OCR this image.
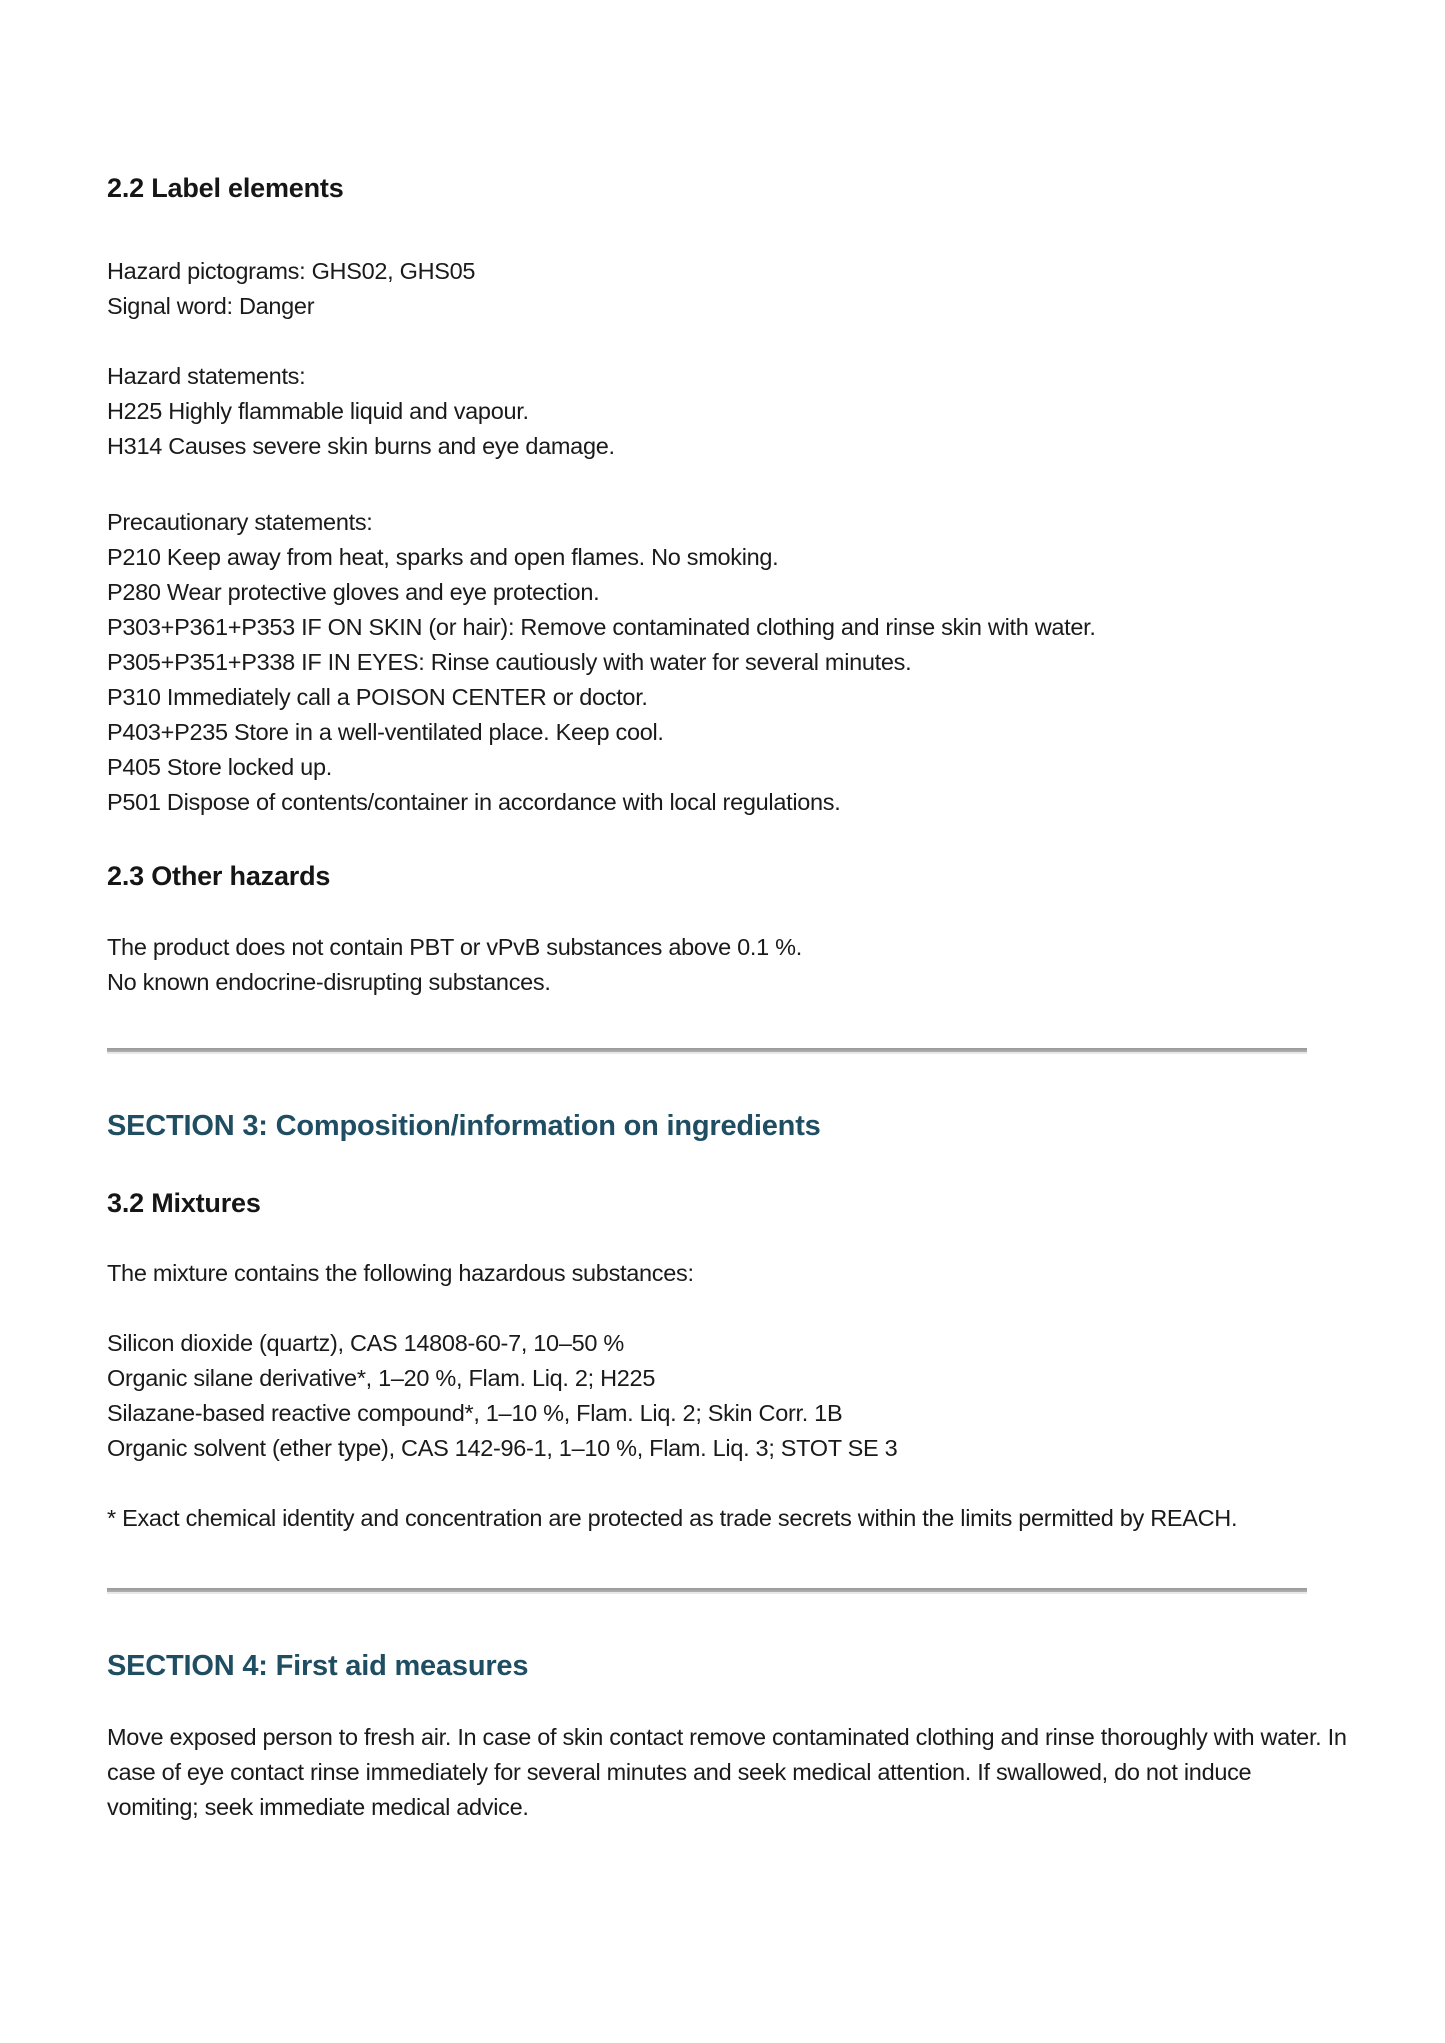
2.2 Label elements

Hazard pictograms: GHS02, GHS05

Signal word: Danger

Hazard statements:

H225 Highly flammable liquid and vapour.

H314 Causes severe skin burns and eye damage.

Precautionary statements:

P210 Keep away from heat, sparks and open flames. No smoking.

P280 Wear protective gloves and eye protection.

P303+P361+P353 IF ON SKIN (or hair): Remove contaminated clothing and rinse skin with water.

P305+P351+P338 IF IN EYES: Rinse cautiously with water for several minutes.

P310 Immediately call a POISON CENTER or doctor.

P403+P235 Store in a well-ventilated place. Keep cool.

P405 Store locked up.

P501 Dispose of contents/container in accordance with local regulations.

2.3 Other hazards

The product does not contain PBT or vPvB substances above 0.1 %.

No known endocrine-disrupting substances.

SECTION 3: Composition/information on ingredients
3.2 Mixtures

The mixture contains the following hazardous substances:

Silicon dioxide (quartz), CAS 14808-60-7, 10–50 %

Organic silane derivative*, 1–20 %, Flam. Liq. 2; H225

Silazane-based reactive compound*, 1–10 %, Flam. Liq. 2; Skin Corr. 1B

Organic solvent (ether type), CAS 142-96-1, 1–10 %, Flam. Liq. 3; STOT SE 3

* Exact chemical identity and concentration are protected as trade secrets within the limits permitted by REACH.

SECTION 4: First aid measures

Move exposed person to fresh air. In case of skin contact remove contaminated clothing and rinse thoroughly with water. In case of eye contact rinse immediately for several minutes and seek medical attention. If swallowed, do not induce vomiting; seek immediate medical advice.
